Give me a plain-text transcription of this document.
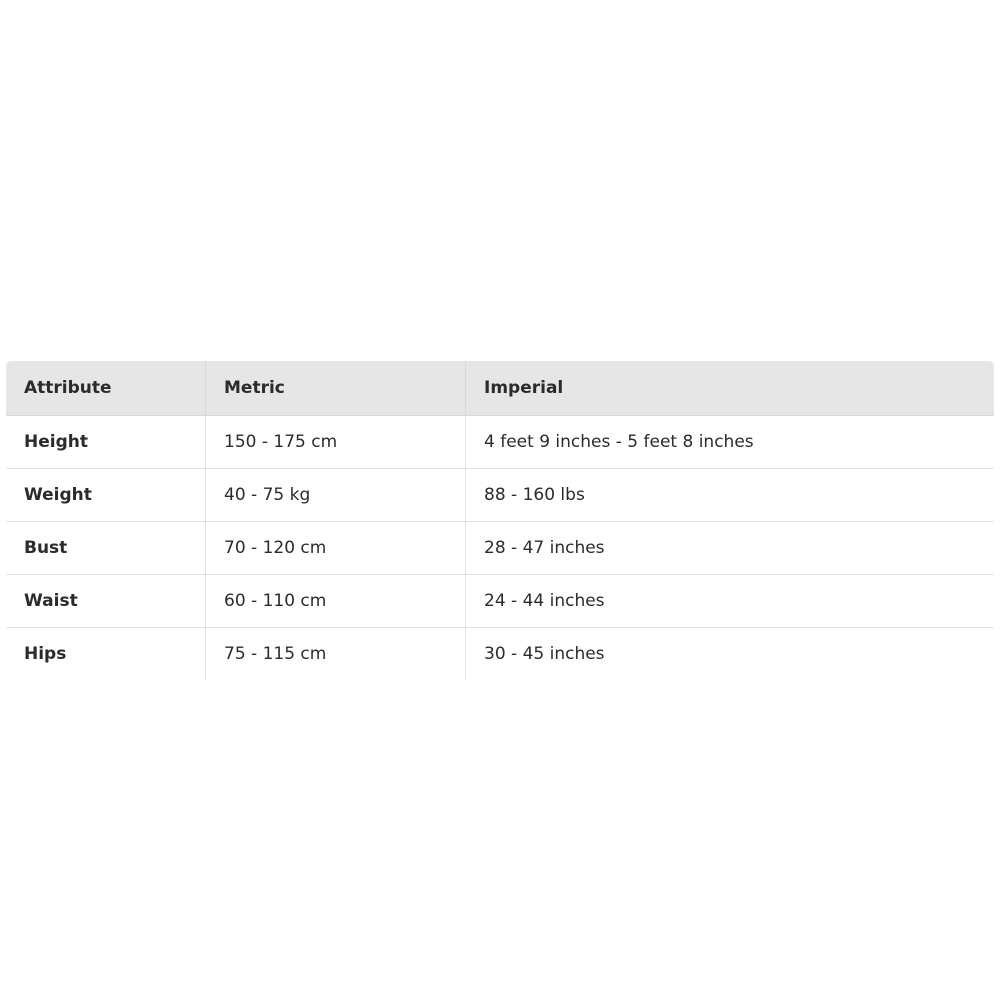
Attribute	Metric	Imperial
Height	150 - 175 cm	4 feet 9 inches - 5 feet 8 inches
Weight	40 - 75 kg	88 - 160 lbs
Bust	70 - 120 cm	28 - 47 inches
Waist	60 - 110 cm	24 - 44 inches
Hips	75 - 115 cm	30 - 45 inches
